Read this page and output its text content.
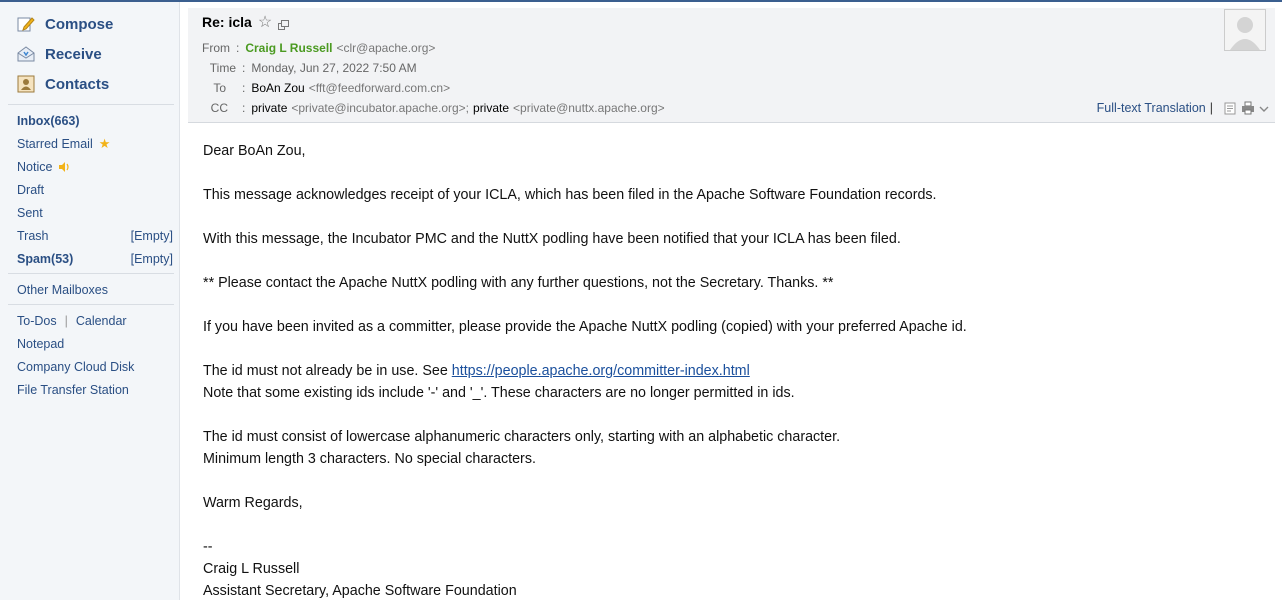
Compose
Receive
Contacts
Inbox(663)
Starred Email ★
Notice
Draft
Sent
Trash	[Empty]
Spam(53)	[Empty]
Other Mailboxes
To-Dos | Calendar
Notepad
Company Cloud Disk
File Transfer Station
Re: icla ☆
From : Craig L Russell <clr@apache.org>
Time : Monday, Jun 27, 2022 7:50 AM
To : BoAn Zou <fft@feedforward.com.cn>
CC : private <private@incubator.apache.org>; private <private@nuttx.apache.org>	Full-text Translation |

Dear BoAn Zou,

This message acknowledges receipt of your ICLA, which has been filed in the Apache Software Foundation records.

With this message, the Incubator PMC and the NuttX podling have been notified that your ICLA has been filed.

** Please contact the Apache NuttX podling with any further questions, not the Secretary. Thanks. **

If you have been invited as a committer, please provide the Apache NuttX podling (copied) with your preferred Apache id.

The id must not already be in use. See https://people.apache.org/committer-index.html

Note that some existing ids include '-' and '_'. These characters are no longer permitted in ids.

The id must consist of lowercase alphanumeric characters only, starting with an alphabetic character.

Minimum length 3 characters. No special characters.

Warm Regards,

--

Craig L Russell

Assistant Secretary, Apache Software Foundation
